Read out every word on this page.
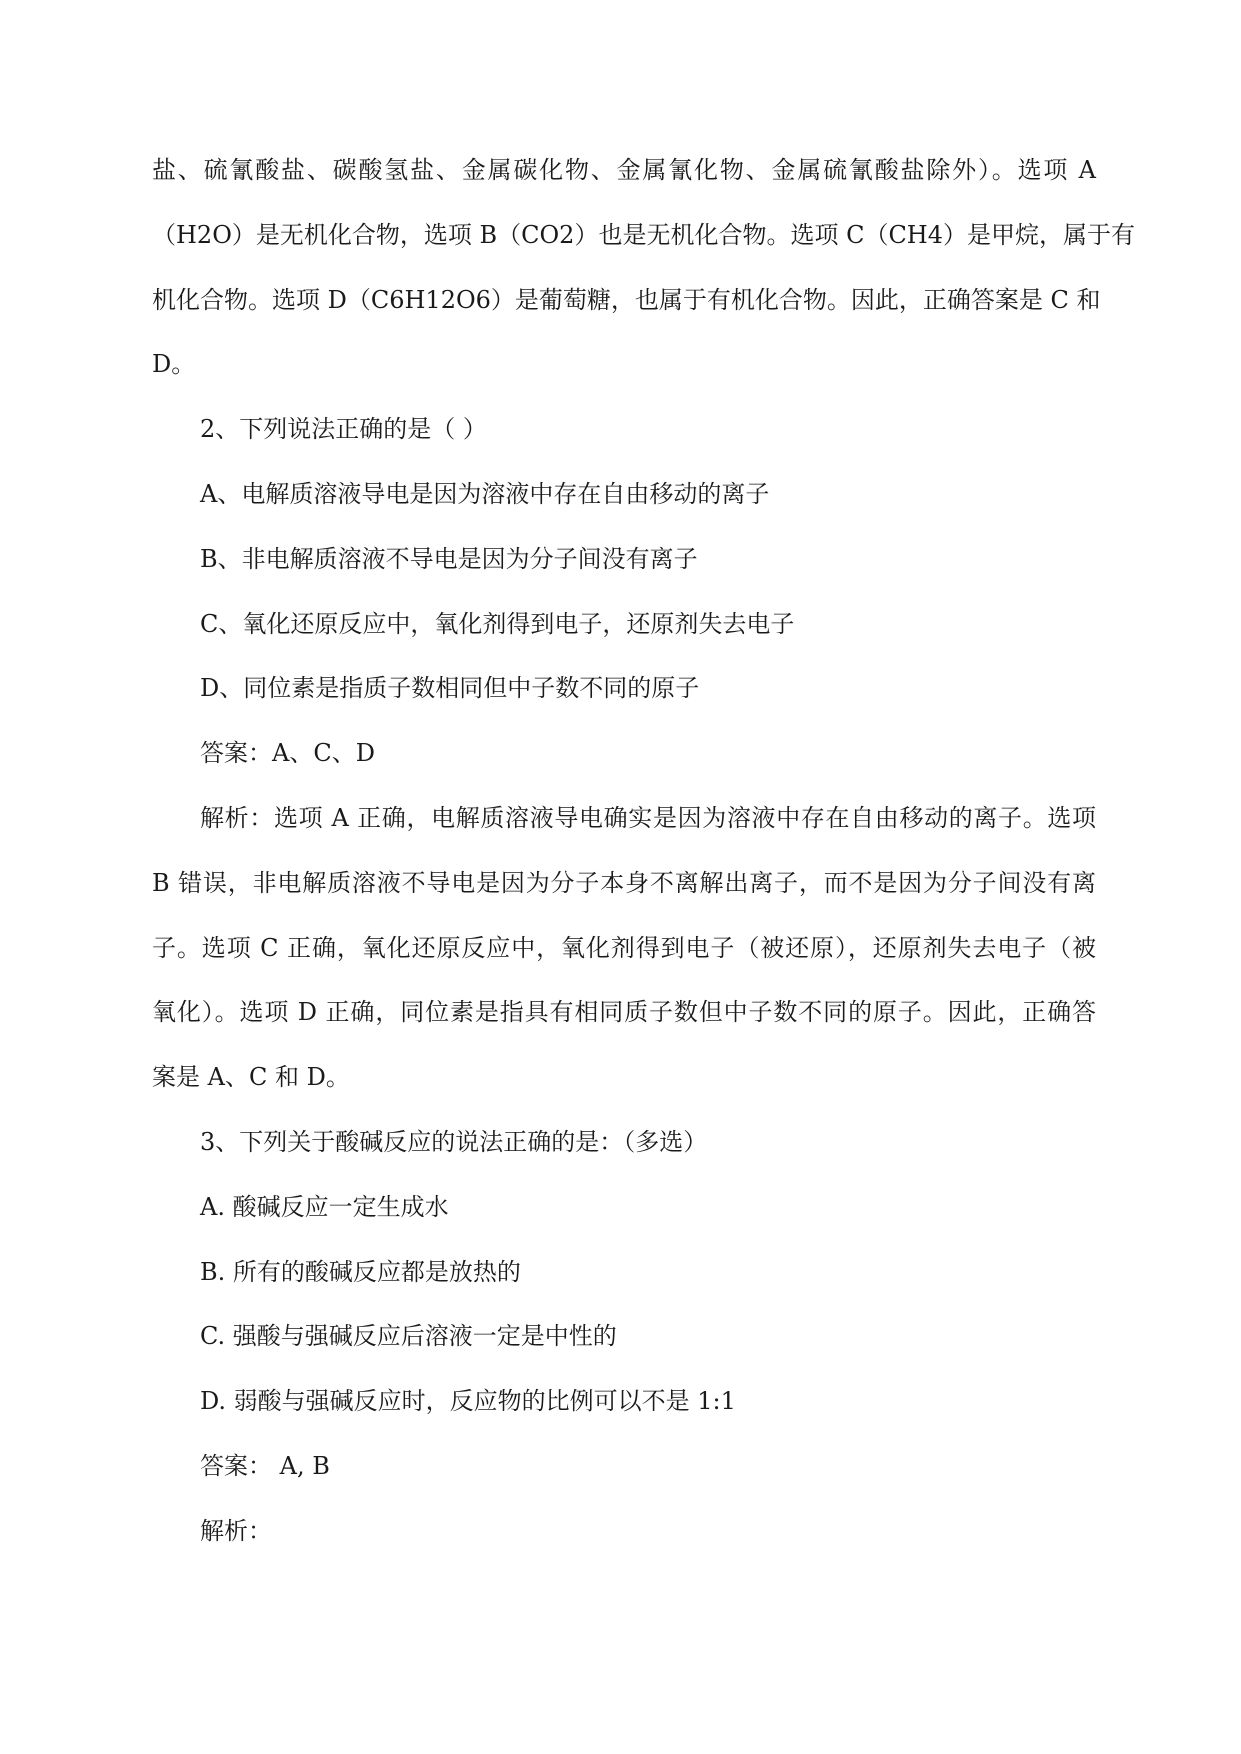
盐、硫氰酸盐、碳酸氢盐、金属碳化物、金属氰化物、金属硫氰酸盐除外）。选项 A
（H2O）是无机化合物，选项 B（CO2）也是无机化合物。选项 C（CH4）是甲烷，属于有
机化合物。选项 D（C6H12O6）是葡萄糖，也属于有机化合物。因此，正确答案是 C 和
D。
2、下列说法正确的是（ ）
A、电解质溶液导电是因为溶液中存在自由移动的离子
B、非电解质溶液不导电是因为分子间没有离子
C、氧化还原反应中，氧化剂得到电子，还原剂失去电子
D、同位素是指质子数相同但中子数不同的原子
答案：A、C、D
解析：选项 A 正确，电解质溶液导电确实是因为溶液中存在自由移动的离子。选项
B 错误，非电解质溶液不导电是因为分子本身不离解出离子，而不是因为分子间没有离
子。选项 C 正确，氧化还原反应中，氧化剂得到电子（被还原），还原剂失去电子（被
氧化）。选项 D 正确，同位素是指具有相同质子数但中子数不同的原子。因此，正确答
案是 A、C 和 D。
3、下列关于酸碱反应的说法正确的是：（多选）
A. 酸碱反应一定生成水
B. 所有的酸碱反应都是放热的
C. 强酸与强碱反应后溶液一定是中性的
D. 弱酸与强碱反应时，反应物的比例可以不是 1:1
答案： A, B
解析：
